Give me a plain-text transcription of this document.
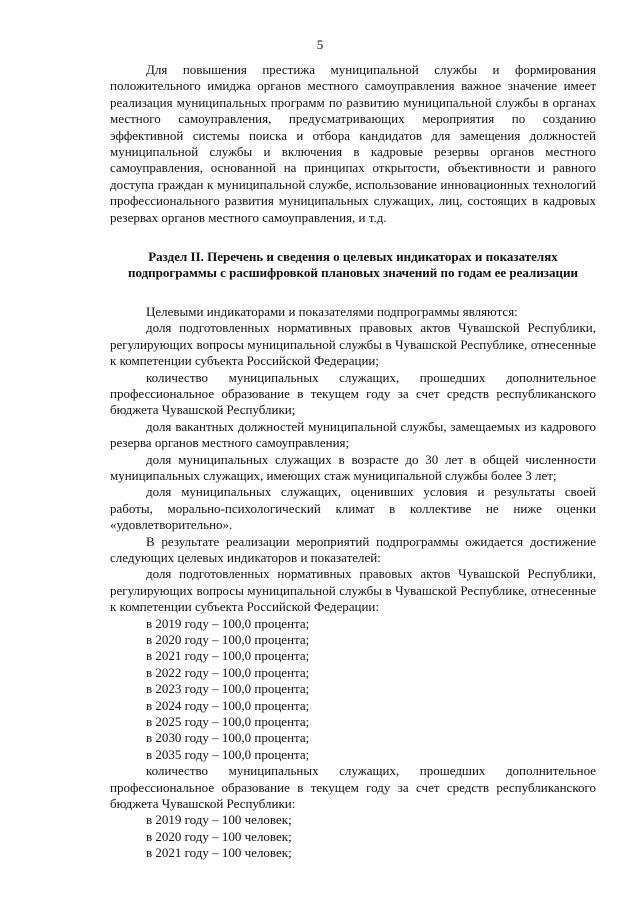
5

Для повышения престижа муниципальной службы и формирования положительного имиджа органов местного самоуправления важное значение имеет реализация муниципальных программ по развитию муниципальной службы в органах местного самоуправления, предусматривающих мероприятия по созданию эффективной системы поиска и отбора кандидатов для замещения должностей муниципальной службы и включения в кадровые резервы органов местного самоуправления, основанной на принципах открытости, объективности и равного доступа граждан к муниципальной службе, использование инновационных технологий профессионального развития муниципальных служащих, лиц, состоящих в кадровых резервах органов местного самоуправления, и т.д.

Раздел II. Перечень и сведения о целевых индикаторах и показателях подпрограммы с расшифровкой плановых значений по годам ее реализации

Целевыми индикаторами и показателями подпрограммы являются:

доля подготовленных нормативных правовых актов Чувашской Республики, регулирующих вопросы муниципальной службы в Чувашской Республике, отнесенные к компетенции субъекта Российской Федерации;

количество муниципальных служащих, прошедших дополнительное профессиональное образование в текущем году за счет средств республиканского бюджета Чувашской Республики;

доля вакантных должностей муниципальной службы, замещаемых из кадрового резерва органов местного самоуправления;

доля муниципальных служащих в возрасте до 30 лет в общей численности муниципальных служащих, имеющих стаж муниципальной службы более 3 лет;

доля муниципальных служащих, оценивших условия и результаты своей работы, морально-психологический климат в коллективе не ниже оценки «удовлетворительно».

В результате реализации мероприятий подпрограммы ожидается достижение следующих целевых индикаторов и показателей:

доля подготовленных нормативных правовых актов Чувашской Республики, регулирующих вопросы муниципальной службы в Чувашской Республике, отнесенные к компетенции субъекта Российской Федерации:

в 2019 году – 100,0 процента;

в 2020 году – 100,0 процента;

в 2021 году – 100,0 процента;

в 2022 году – 100,0 процента;

в 2023 году – 100,0 процента;

в 2024 году – 100,0 процента;

в 2025 году – 100,0 процента;

в 2030 году – 100,0 процента;

в 2035 году – 100,0 процента;

количество муниципальных служащих, прошедших дополнительное профессиональное образование в текущем году за счет средств республиканского бюджета Чувашской Республики:

в 2019 году – 100 человек;

в 2020 году – 100 человек;

в 2021 году – 100 человек;
